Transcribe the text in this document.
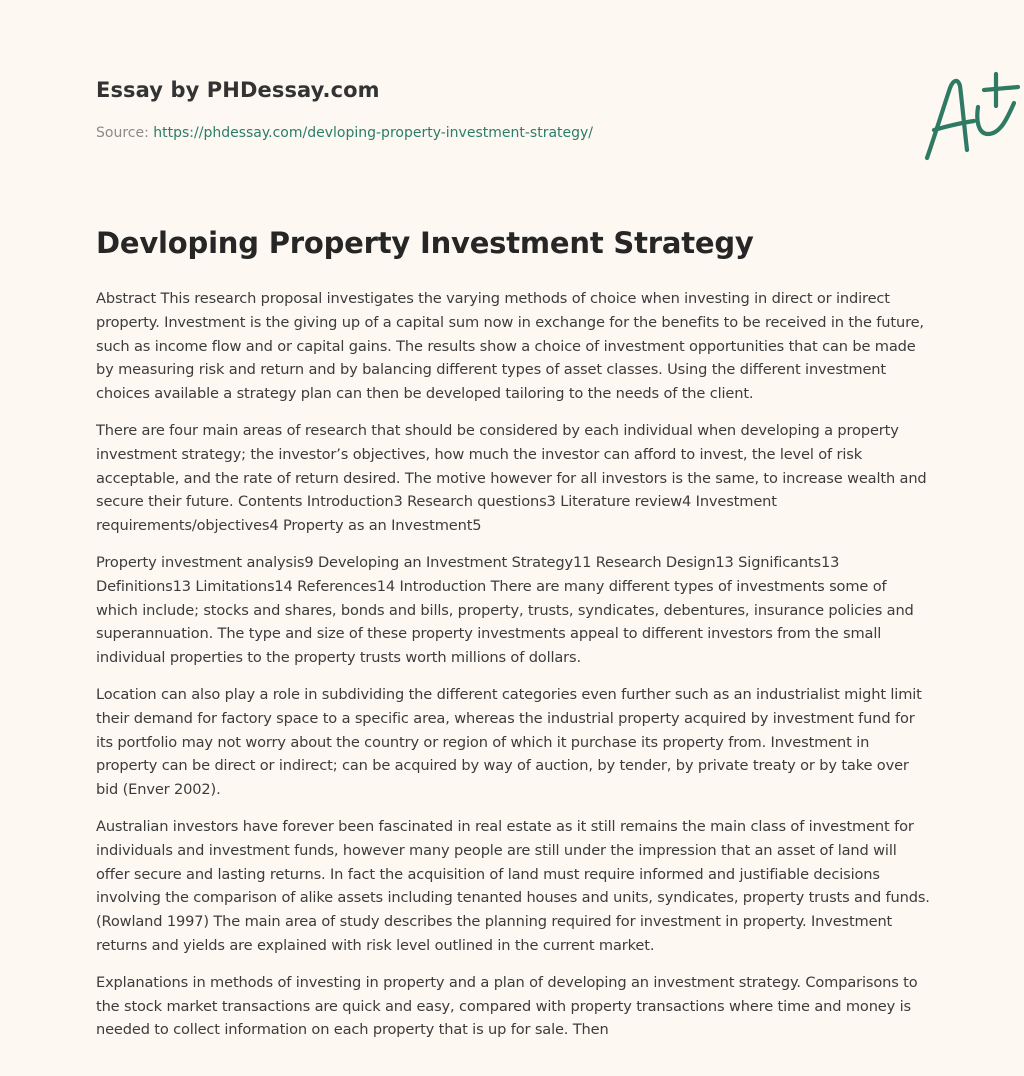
Essay by PHDessay.com
Source: https://phdessay.com/devloping-property-investment-strategy/
Devloping Property Investment Strategy

Abstract This research proposal investigates the varying methods of choice when investing in direct or indirect property. Investment is the giving up of a capital sum now in exchange for the benefits to be received in the future, such as income flow and or capital gains. The results show a choice of investment opportunities that can be made by measuring risk and return and by balancing different types of asset classes. Using the different investment choices available a strategy plan can then be developed tailoring to the needs of the client.

There are four main areas of research that should be considered by each individual when developing a property investment strategy; the investor’s objectives, how much the investor can afford to invest, the level of risk acceptable, and the rate of return desired. The motive however for all investors is the same, to increase wealth and secure their future. Contents Introduction3 Research questions3 Literature review4 Investment requirements/objectives4 Property as an Investment5

Property investment analysis9 Developing an Investment Strategy11 Research Design13 Significants13 Definitions13 Limitations14 References14 Introduction There are many different types of investments some of which include; stocks and shares, bonds and bills, property, trusts, syndicates, debentures, insurance policies and superannuation. The type and size of these property investments appeal to different investors from the small individual properties to the property trusts worth millions of dollars.

Location can also play a role in subdividing the different categories even further such as an industrialist might limit their demand for factory space to a specific area, whereas the industrial property acquired by investment fund for its portfolio may not worry about the country or region of which it purchase its property from. Investment in property can be direct or indirect; can be acquired by way of auction, by tender, by private treaty or by take over bid (Enver 2002).

Australian investors have forever been fascinated in real estate as it still remains the main class of investment for individuals and investment funds, however many people are still under the impression that an asset of land will offer secure and lasting returns. In fact the acquisition of land must require informed and justifiable decisions involving the comparison of alike assets including tenanted houses and units, syndicates, property trusts and funds. (Rowland 1997) The main area of study describes the planning required for investment in property. Investment returns and yields are explained with risk level outlined in the current market.

Explanations in methods of investing in property and a plan of developing an investment strategy. Comparisons to the stock market transactions are quick and easy, compared with property transactions where time and money is needed to collect information on each property that is up for sale. Then
